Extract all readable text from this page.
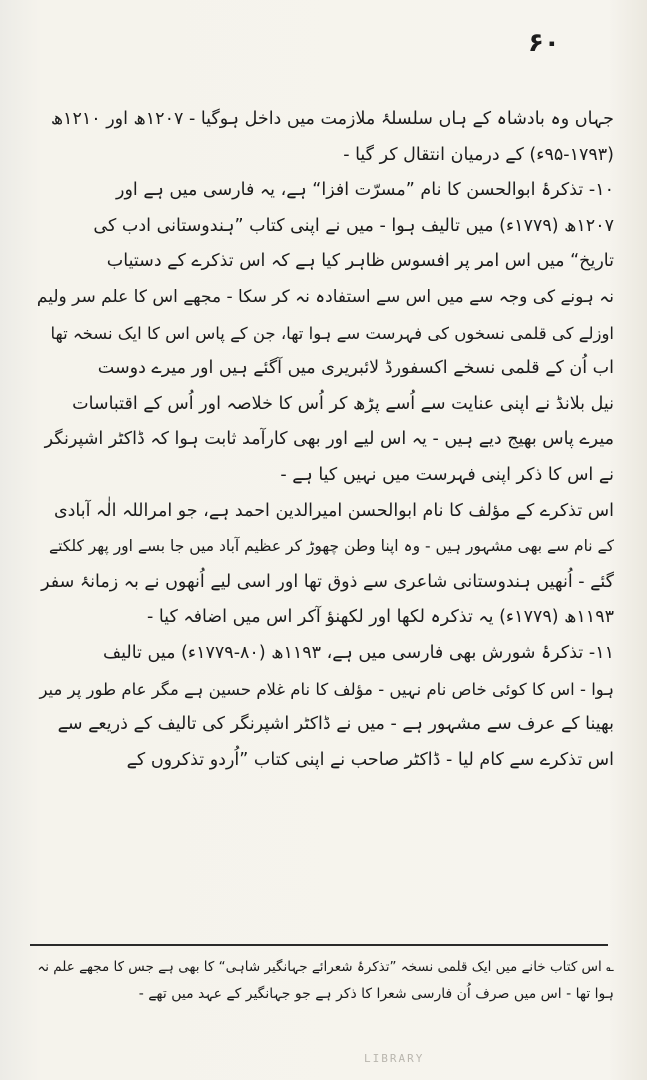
۶۰

جہاں وہ بادشاہ کے ہاں سلسلۂ ملازمت میں داخل ہوگیا - ۱۲۰۷ھ اور ۱۲۱۰ھ
(۹۵-۱۷۹۳ء) کے درمیان انتقال کر گیا -

۱۰- تذکرۂ ابوالحسن کا نام ”مسرّت افزا“ ہے، یہ فارسی میں ہے اور
۱۲۰۷ھ (۱۷۷۹ء) میں تالیف ہوا - میں نے اپنی کتاب ”ہندوستانی ادب کی
تاریخ“ میں اس امر پر افسوس ظاہر کیا ہے کہ اس تذکرے کے دستیاب
نہ ہونے کی وجہ سے میں اس سے استفادہ نہ کر سکا - مجھے اس کا علم سر ولیم
اوزلے کی قلمی نسخوں کی فہرست سے ہوا تھا، جن کے پاس اس کا ایک نسخہ تھا
اب اُن کے قلمی نسخے اکسفورڈ لائبریری میں آگئے ہیں اور میرے دوست
نیل بلانڈ نے اپنی عنایت سے اُسے پڑھ کر اُس کا خلاصہ اور اُس کے اقتباسات
میرے پاس بھیج دیے ہیں - یہ اس لیے اور بھی کارآمد ثابت ہوا کہ ڈاکٹر اشپرنگر
نے اس کا ذکر اپنی فہرست میں نہیں کیا ہے -

اس تذکرے کے مؤلف کا نام ابوالحسن امیرالدین احمد ہے، جو امراللہ الٰہ آبادی
کے نام سے بھی مشہور ہیں - وہ اپنا وطن چھوڑ کر عظیم آباد میں جا بسے اور پھر کلکتے
گئے - اُنھیں ہندوستانی شاعری سے ذوق تھا اور اسی لیے اُنھوں نے بہ زمانۂ سفر
۱۱۹۳ھ (۱۷۷۹ء) یہ تذکرہ لکھا اور لکھنؤ آکر اس میں اضافہ کیا -

۱۱- تذکرۂ شورش بھی فارسی میں ہے، ۱۱۹۳ھ (۸۰-۱۷۷۹ء) میں تالیف
ہوا - اس کا کوئی خاص نام نہیں - مؤلف کا نام غلام حسین ہے مگر عام طور پر میر
بھینا کے عرف سے مشہور ہے - میں نے ڈاکٹر اشپرنگر کی تالیف کے ذریعے سے
اس تذکرے سے کام لیا - ڈاکٹر صاحب نے اپنی کتاب ”اُردو تذکروں کے

؎ اس کتاب خانے میں ایک قلمی نسخہ ”تذکرۂ شعرائے جہانگیر شاہی“ کا بھی ہے جس کا مجھے علم نہ
ہوا تھا - اس میں صرف اُن فارسی شعرا کا ذکر ہے جو جہانگیر کے عہد میں تھے -
LIBRARY
